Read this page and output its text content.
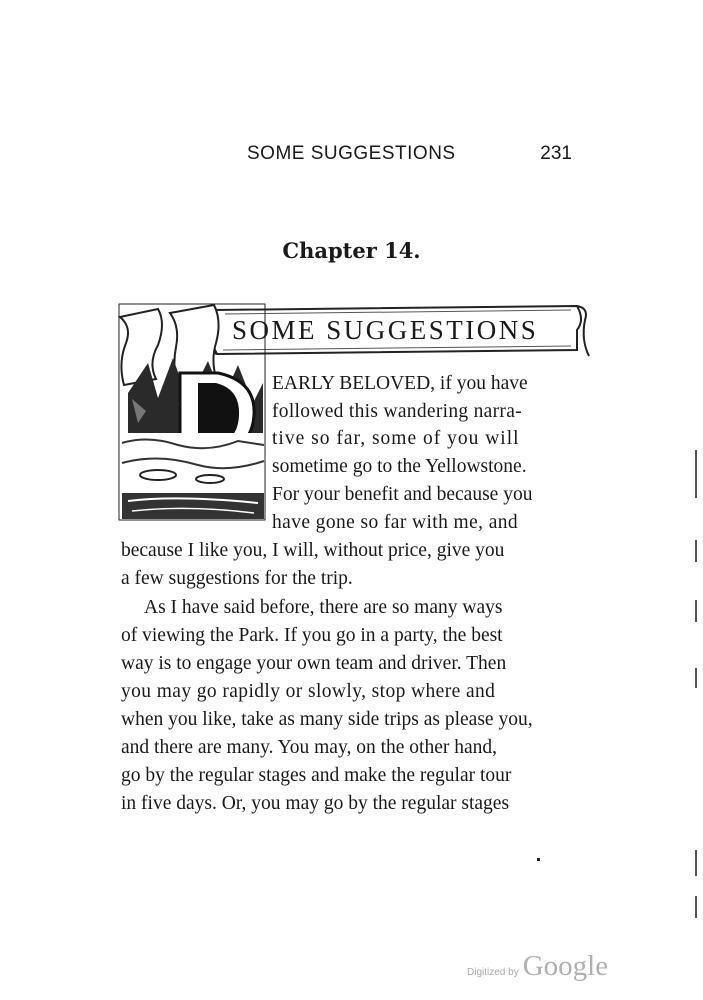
SOME SUGGESTIONS	231
Chapter 14.
SOME SUGGESTIONS
EARLY BELOVED, if you have
followed this wandering narra-
tive so far, some of you will
sometime go to the Yellowstone.
For your benefit and because you
have gone so far with me, and
because I like you, I will, without price, give you
a few suggestions for the trip.
As I have said before, there are so many ways
of viewing the Park. If you go in a party, the best
way is to engage your own team and driver. Then
you may go rapidly or slowly, stop where and
when you like, take as many side trips as please you,
and there are many. You may, on the other hand,
go by the regular stages and make the regular tour
in five days. Or, you may go by the regular stages
Digitized by Google
